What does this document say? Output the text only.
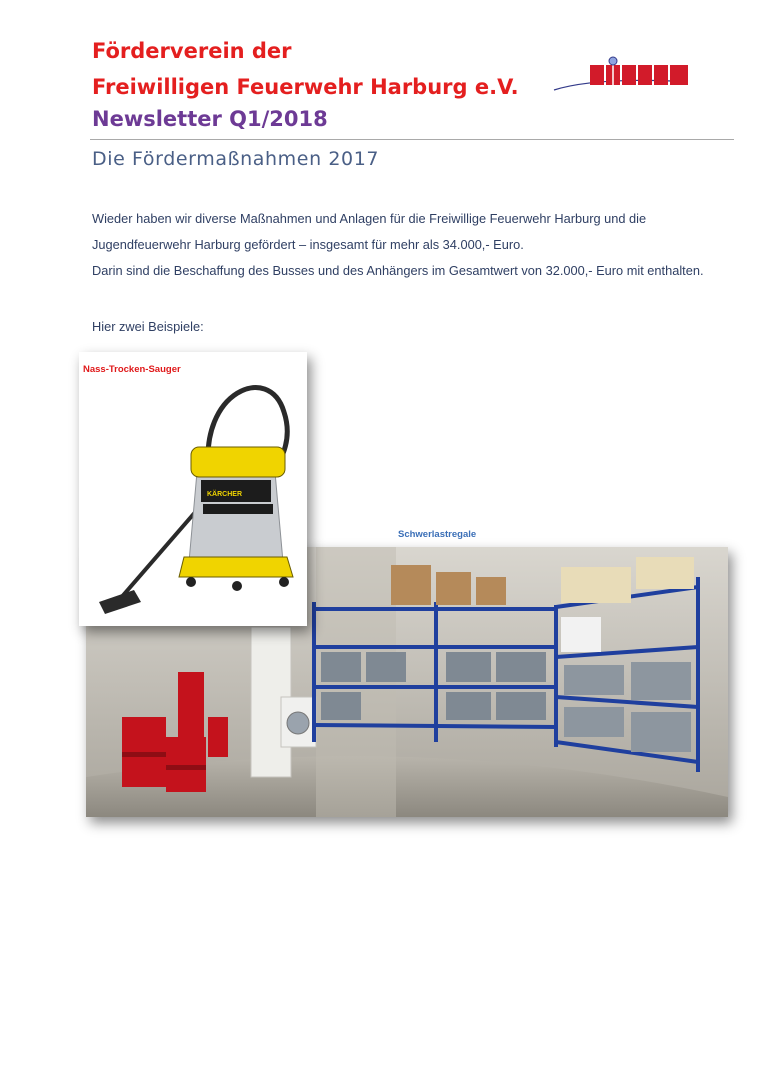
Förderverein der
Freiwilligen Feuerwehr Harburg e.V.
Newsletter Q1/2018
Die Fördermaßnahmen 2017

Wieder haben wir diverse Maßnahmen und Anlagen für die Freiwillige Feuerwehr Harburg und die Jugendfeuerwehr Harburg gefördert – insgesamt für mehr als 34.000,- Euro.

Darin sind die Beschaffung des Busses und des Anhängers im Gesamtwert von 32.000,- Euro mit enthalten.

Hier zwei Beispiele:

Schwerlastregale

KÄRCHER

Nass-Trocken-Sauger
